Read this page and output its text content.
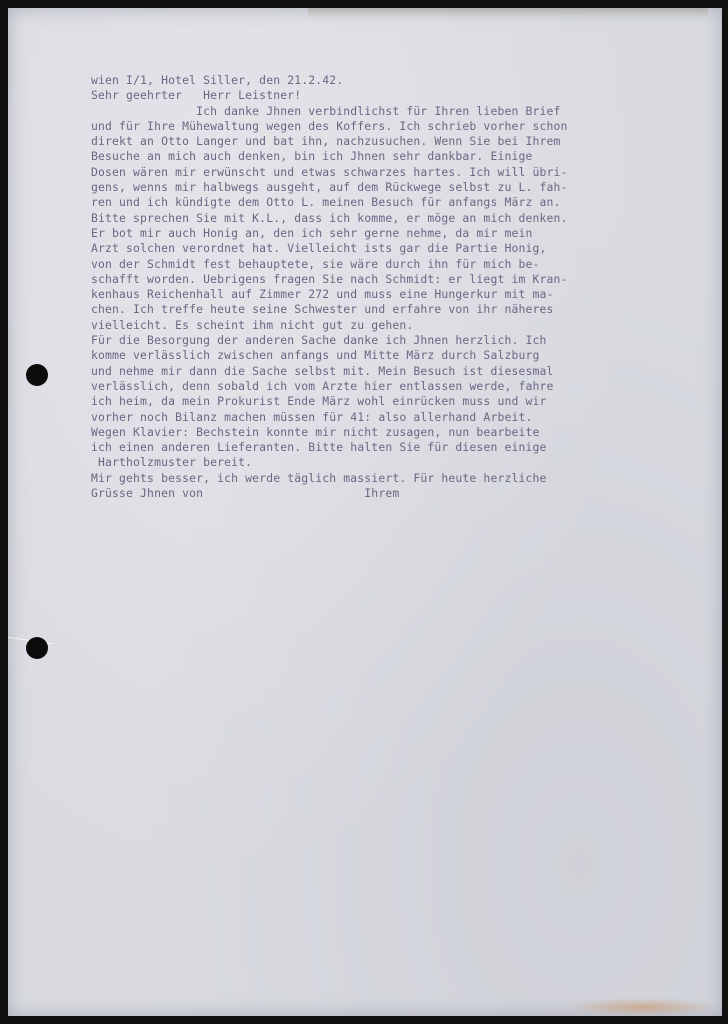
wien I/1, Hotel Siller, den 21.2.42.
Sehr geehrter   Herr Leistner!
Ich danke Jhnen verbindlichst für Ihren lieben Brief
und für Ihre Mühewaltung wegen des Koffers. Ich schrieb vorher schon
direkt an Otto Langer und bat ihn, nachzusuchen. Wenn Sie bei Ihrem
Besuche an mich auch denken, bin ich Jhnen sehr dankbar. Einige
Dosen wären mir erwünscht und etwas schwarzes hartes. Ich will übri-
gens, wenns mir halbwegs ausgeht, auf dem Rückwege selbst zu L. fah-
ren und ich kündigte dem Otto L. meinen Besuch für anfangs März an.
Bitte sprechen Sie mit K.L., dass ich komme, er möge an mich denken.
Er bot mir auch Honig an, den ich sehr gerne nehme, da mir mein
Arzt solchen verordnet hat. Vielleicht ists gar die Partie Honig,
von der Schmidt fest behauptete, sie wäre durch ihn für mich be-
schafft worden. Uebrigens fragen Sie nach Schmidt: er liegt im Kran-
kenhaus Reichenhall auf Zimmer 272 und muss eine Hungerkur mit ma-
chen. Ich treffe heute seine Schwester und erfahre von ihr näheres
vielleicht. Es scheint ihm nicht gut zu gehen.
Für die Besorgung der anderen Sache danke ich Jhnen herzlich. Ich
komme verlässlich zwischen anfangs und Mitte März durch Salzburg
und nehme mir dann die Sache selbst mit. Mein Besuch ist diesesmal
verlässlich, denn sobald ich vom Arzte hier entlassen werde, fahre
ich heim, da mein Prokurist Ende März wohl einrücken muss und wir
vorher noch Bilanz machen müssen für 41: also allerhand Arbeit.
Wegen Klavier: Bechstein konnte mir nicht zusagen, nun bearbeite
ich einen anderen Lieferanten. Bitte halten Sie für diesen einige
Hartholzmuster bereit.
Mir gehts besser, ich werde täglich massiert. Für heute herzliche
Grüsse Jhnen von                       Ihrem
